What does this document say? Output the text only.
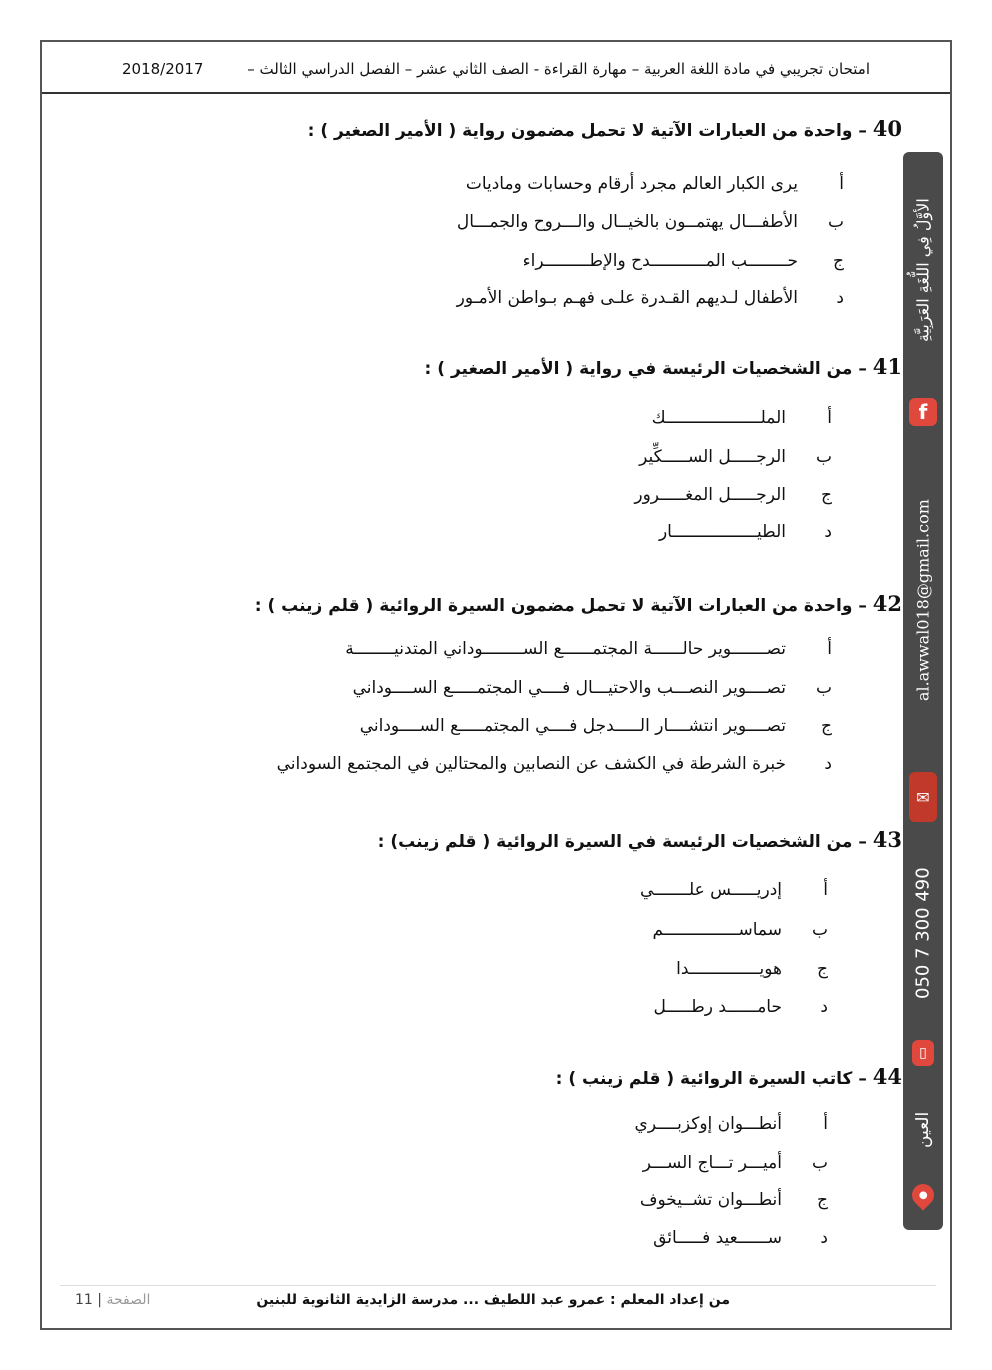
امتحان تجريبي في مادة اللغة العربية – مهارة القراءة - الصف الثاني عشر – الفصل الدراسي الثالث –
2018/2017
40 – واحدة من العبارات الآتية لا تحمل مضمون رواية ( الأمير الصغير ) :
أيرى الكبار العالم مجرد أرقام وحسابات وماديات
بالأطفـــال يهتمــون بالخيــال والـــروح والجمـــال
جحــــــــب المـــــــــــدح والإطـــــــــراء
دالأطفال لـديهم القـدرة علـى فهـم بـواطن الأمـور
41 – من الشخصيات الرئيسة في رواية ( الأمير الصغير ) :
أالملـــــــــــــــــــك
بالرجـــــل الســـــكِّير
جالرجـــــل المغـــــرور
دالطيـــــــــــــــــار
42 – واحدة من العبارات الآتية لا تحمل مضمون السيرة الروائية ( قلم زينب ) :
أتصـــــــوير حالــــــة المجتمــــــع الســــــــوداني المتدنيــــــــة
بتصــــوير النصـــب والاحتيـــال فــــي المجتمـــــع الســــوداني
جتصــــوير انتشــــار الـــــدجل فــــي المجتمـــــع الســــوداني
دخبرة الشرطة في الكشف عن النصابين والمحتالين في المجتمع السوداني
43 – من الشخصيات الرئيسة في السيرة الروائية ( قلم زينب) :
أإدريـــــس علـــــــي
بسماســـــــــــــــم
جهويــــــــــــــدا
دحامــــــد رطـــــل
44 – كاتب السيرة الروائية ( قلم زينب ) :
أأنطـــوان إوكزبــــري
بأميـــر تـــاج الســـر
جأنطـــوان تشــيخوف
دســــــعيد فـــــائق
الأوَّلُ فِي اللُّغَةِ العَرَبِيَّةِ
f
al.awwal018@gmail.com
✉
050 7 300 490
▯
العين
●
11 | الصفحة	من إعداد المعلم : عمرو عبد اللطيف ... مدرسة الزايدية الثانوية للبنين
